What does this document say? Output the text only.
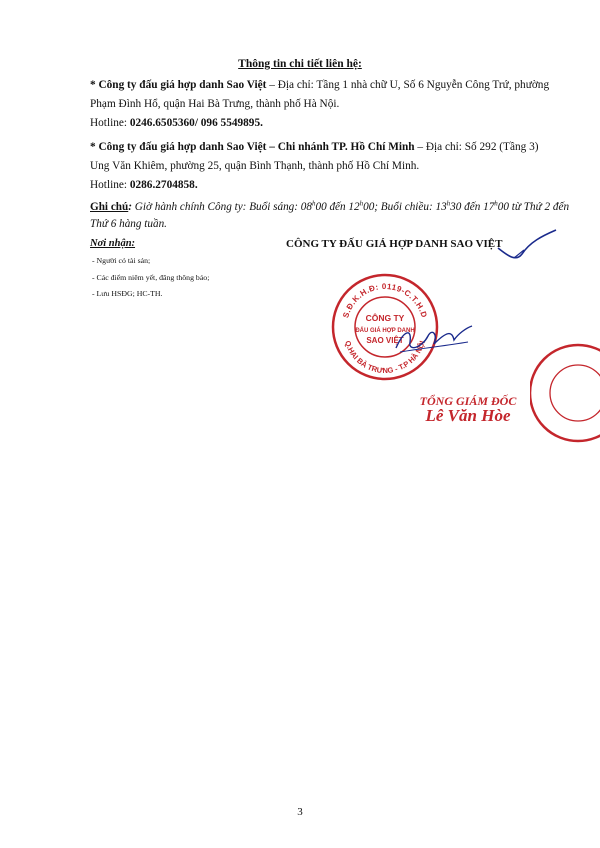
Thông tin chi tiết liên hệ:
* Công ty đấu giá hợp danh Sao Việt – Địa chỉ: Tầng 1 nhà chữ U, Số 6 Nguyễn Công Trứ, phường Phạm Đình Hổ, quận Hai Bà Trưng, thành phố Hà Nội.
Hotline: 0246.6505360/ 096 5549895.
* Công ty đấu giá hợp danh Sao Việt – Chi nhánh TP. Hồ Chí Minh – Địa chỉ: Số 292 (Tầng 3) Ung Văn Khiêm, phường 25, quận Bình Thạnh, thành phố Hồ Chí Minh.
Hotline: 0286.2704858.
Ghi chú: Giờ hành chính Công ty: Buổi sáng: 08$^h$00 đến 12$^h$00; Buổi chiều: 13$^h$30 đến 17$^h$00 từ Thứ 2 đến Thứ 6 hàng tuần.
Nơi nhận:
- Người có tài sản;
- Các điểm niêm yết, đăng thông báo;
- Lưu HSĐG; HC-TH.
CÔNG TY ĐẤU GIÁ HỢP DANH SAO VIỆT
S.Đ.K.H.Đ: 0119-C.T.H.D
Q.HAI BÀ TRƯNG - T.P HÀ NỘI
CÔNG TY
ĐẤU GIÁ HỢP DANH
SAO VIỆT
TỔNG GIÁM ĐỐC
Lê Văn Hòe
3
